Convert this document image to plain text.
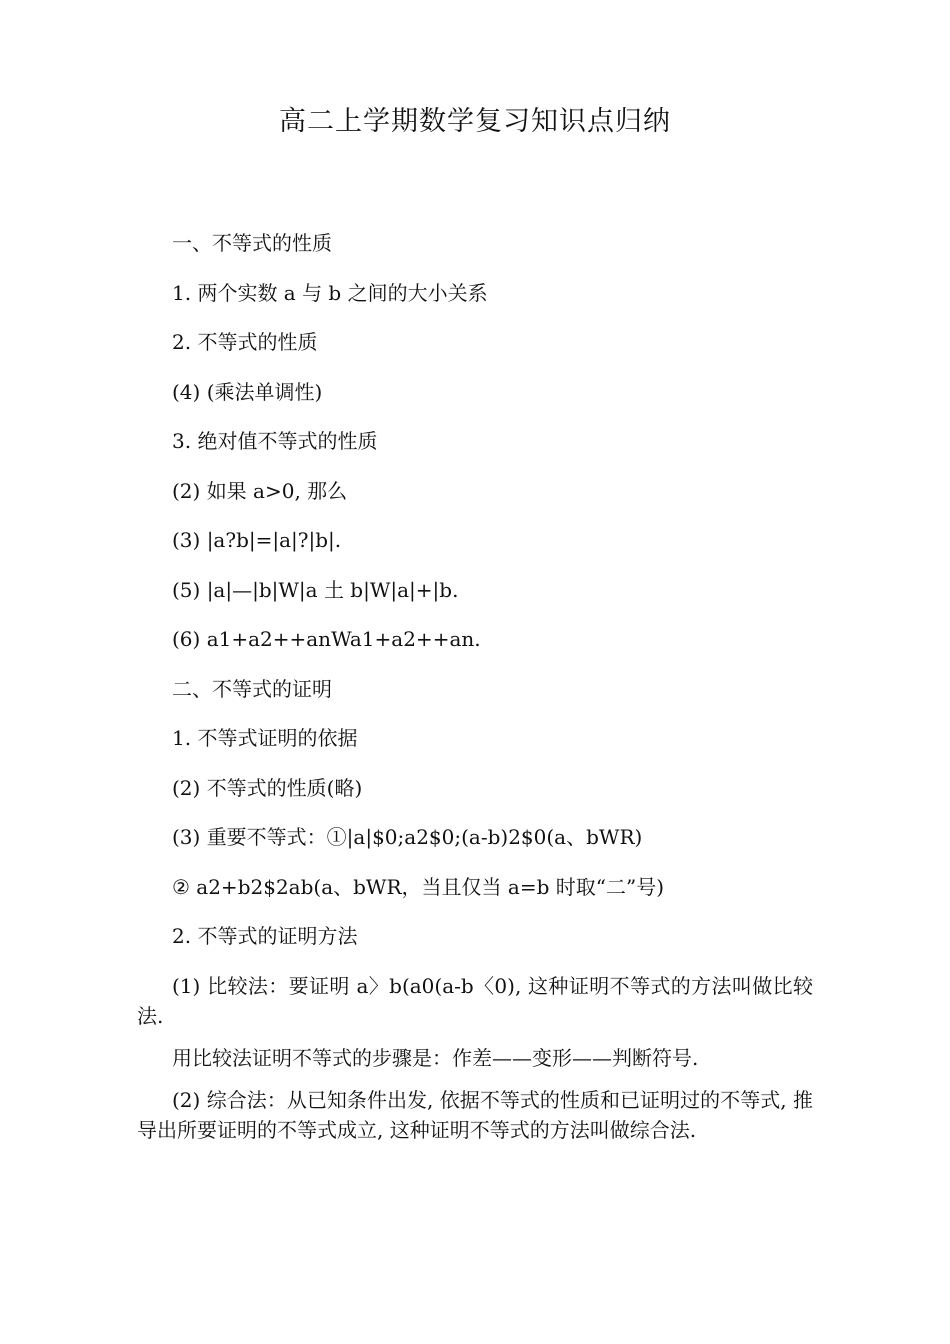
高二上学期数学复习知识点归纳
一、不等式的性质
1. 两个实数 a 与 b 之间的大小关系
2. 不等式的性质
(4) (乘法单调性)
3. 绝对值不等式的性质
(2) 如果 a>0, 那么
(3) |a?b|=|a|?|b|.
(5) |a|—|b|W|a 土 b|W|a|+|b.
(6) a1+a2++anWa1+a2++an.
二、不等式的证明
1. 不等式证明的依据
(2) 不等式的性质(略)
(3) 重要不等式：①|a|$0;a2$0;(a-b)2$0(a、bWR)
② a2+b2$2ab(a、bWR，当且仅当 a=b 时取“二”号)
2. 不等式的证明方法
(1) 比较法：要证明 a〉b(a0(a-b〈0), 这种证明不等式的方法叫做比较法.
用比较法证明不等式的步骤是：作差——变形——判断符号.
(2) 综合法：从已知条件出发, 依据不等式的性质和已证明过的不等式, 推导出所要证明的不等式成立, 这种证明不等式的方法叫做综合法.
